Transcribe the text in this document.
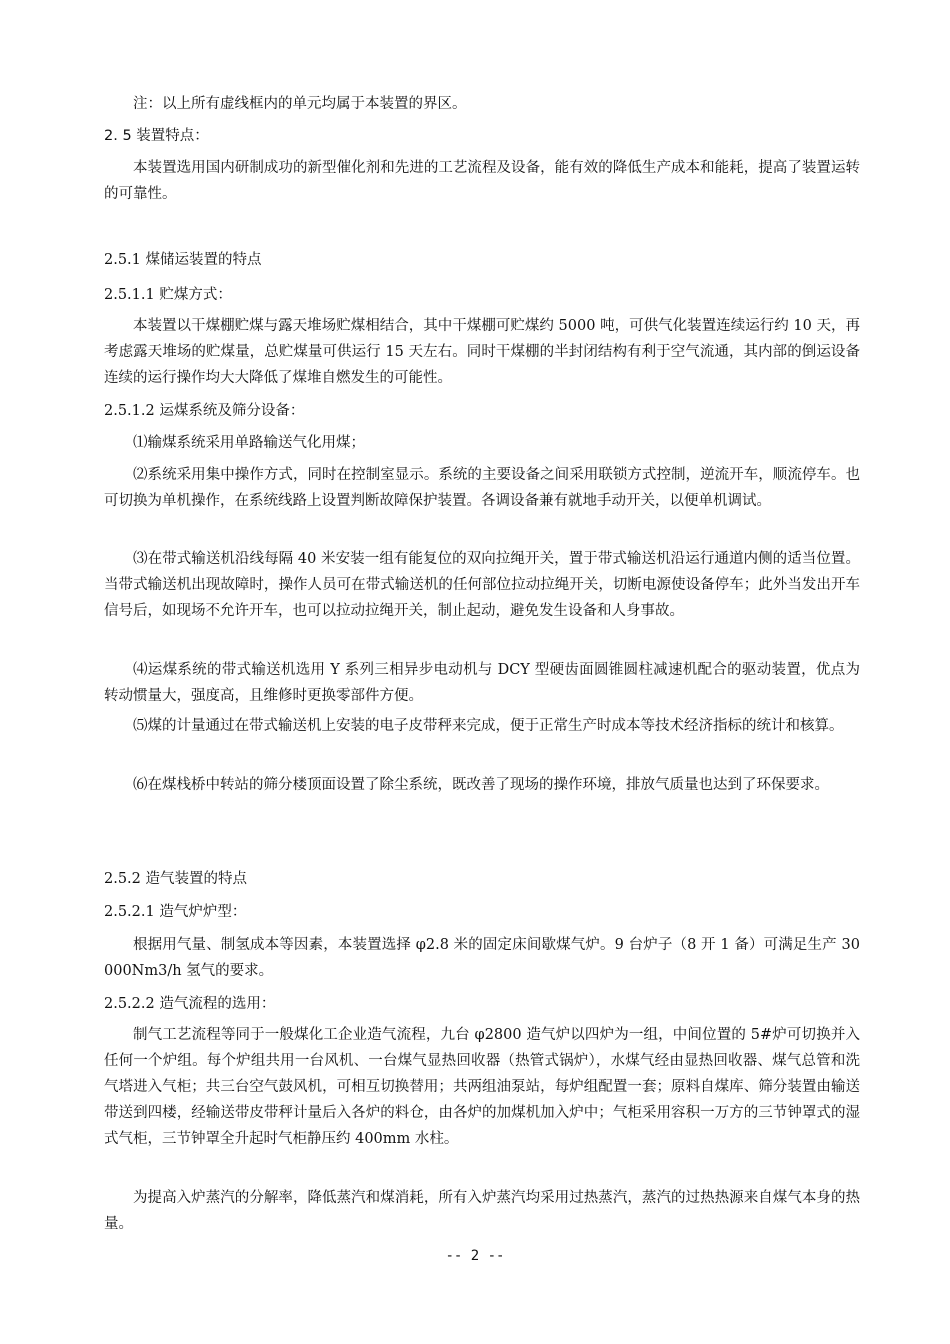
注：以上所有虚线框内的单元均属于本装置的界区。

2. 5 装置特点：

本装置选用国内研制成功的新型催化剂和先进的工艺流程及设备，能有效的降低生产成本和能耗，提高了装置运转的可靠性。

2.5.1 煤储运装置的特点

2.5.1.1 贮煤方式：

本装置以干煤棚贮煤与露天堆场贮煤相结合，其中干煤棚可贮煤约 5000 吨，可供气化装置连续运行约 10 天，再考虑露天堆场的贮煤量，总贮煤量可供运行 15 天左右。同时干煤棚的半封闭结构有利于空气流通，其内部的倒运设备连续的运行操作均大大降低了煤堆自燃发生的可能性。

2.5.1.2 运煤系统及筛分设备：

⑴输煤系统采用单路输送气化用煤；

⑵系统采用集中操作方式，同时在控制室显示。系统的主要设备之间采用联锁方式控制，逆流开车，顺流停车。也可切换为单机操作，在系统线路上设置判断故障保护装置。各调设备兼有就地手动开关，以便单机调试。

⑶在带式输送机沿线每隔 40 米安装一组有能复位的双向拉绳开关，置于带式输送机沿运行通道内侧的适当位置。当带式输送机出现故障时，操作人员可在带式输送机的任何部位拉动拉绳开关，切断电源使设备停车；此外当发出开车信号后，如现场不允许开车，也可以拉动拉绳开关，制止起动，避免发生设备和人身事故。

⑷运煤系统的带式输送机选用 Y 系列三相异步电动机与 DCY 型硬齿面圆锥圆柱减速机配合的驱动装置，优点为转动惯量大，强度高，且维修时更换零部件方便。

⑸煤的计量通过在带式输送机上安装的电子皮带秤来完成，便于正常生产时成本等技术经济指标的统计和核算。

⑹在煤栈桥中转站的筛分楼顶面设置了除尘系统，既改善了现场的操作环境，排放气质量也达到了环保要求。

2.5.2 造气装置的特点

2.5.2.1 造气炉炉型：

根据用气量、制氢成本等因素，本装置选择 φ2.8 米的固定床间歇煤气炉。9 台炉子（8 开 1 备）可满足生产 30000Nm3/h 氢气的要求。

2.5.2.2 造气流程的选用：

制气工艺流程等同于一般煤化工企业造气流程，九台 φ2800 造气炉以四炉为一组，中间位置的 5#炉可切换并入任何一个炉组。每个炉组共用一台风机、一台煤气显热回收器（热管式锅炉），水煤气经由显热回收器、煤气总管和洗气塔进入气柜；共三台空气鼓风机，可相互切换替用；共两组油泵站，每炉组配置一套；原料自煤库、筛分装置由输送带送到四楼，经输送带皮带秤计量后入各炉的料仓，由各炉的加煤机加入炉中；气柜采用容积一万方的三节钟罩式的湿式气柜，三节钟罩全升起时气柜静压约 400mm 水柱。

为提高入炉蒸汽的分解率，降低蒸汽和煤消耗，所有入炉蒸汽均采用过热蒸汽，蒸汽的过热热源来自煤气本身的热量。

-- 2 --
